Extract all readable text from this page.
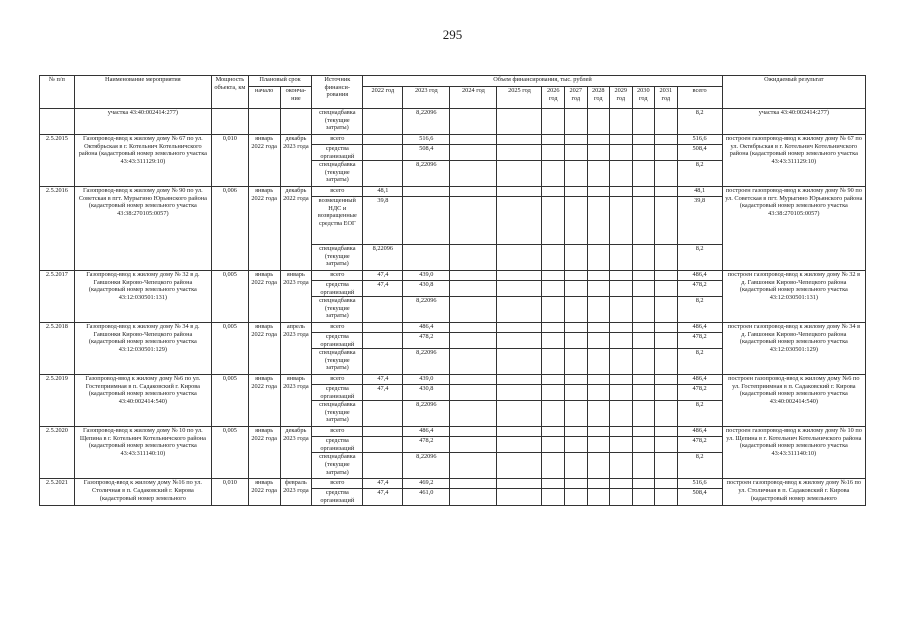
295
№ п/п	Наименование мероприятия	Мощность объекта, км	Плановый срок		Источник финанси-рования	Объем финансирования, тыс. рублей											Ожидаемый результат
			начало	оконча-ние		2022 год	2023 год	2024 год	2025 год	2026 год	2027 год	2028 год	2029 год	2030 год	2031 год	всего	
	участка 43:40:002414:277)				спецнадбавка (текущие затраты)		8,22096									8,2	участка 43:40:002414:277)
2.5.2015	Газопровод-ввод к жилому дому № 67 по ул. Октябрьская в г. Котельнич Котельничского района (кадастровый номер земельного участка 43:43:311129:10)	0,010	январь 2022 года	декабрь 2023 года	всего		516,6									516,6	построен газопровод-ввод к жилому дому № 67 по ул. Октябрьская в г. Котельнич Котельничского района (кадастровый номер земельного участка 43:43:311129:10)
					средства организаций		508,4									508,4	
					спецнадбавка (текущие затраты)		8,22096									8,2	
2.5.2016	Газопровод-ввод к жилому дому № 90 по ул. Советская в пгт. Мурыгино Юрьянского района (кадастровый номер земельного участка 43:38:270105:0057)	0,006	январь 2022 года	декабрь 2022 года	всего	48,1										48,1	построен газопровод-ввод к жилому дому № 90 по ул. Советская в пгт. Мурыгино Юрьянского района (кадастровый номер земельного участка 43:38:270105:0057)
					возмещенный НДС и возвращенные средства ЕОГ	39,8										39,8	
					спецнадбавка (текущие затраты)	8,22096										8,2	
2.5.2017	Газопровод-ввод к жилому дому № 32 в д. Гавшонки Кирово-Чепецкого района (кадастровый номер земельного участка 43:12:030501:131)	0,005	январь 2022 года	январь 2023 года	всего	47,4	439,0									486,4	построен газопровод-ввод к жилому дому № 32 в д. Гавшонки Кирово-Чепецкого района (кадастровый номер земельного участка 43:12:030501:131)
					средства организаций	47,4	430,8									478,2	
					спецнадбавка (текущие затраты)		8,22096									8,2	
2.5.2018	Газопровод-ввод к жилому дому № 34 в д. Гавшонки Кирово-Чепецкого района (кадастровый номер земельного участка 43:12:030501:129)	0,005	январь 2022 года	апрель 2023 года	всего		486,4									486,4	построен газопровод-ввод к жилому дому № 34 в д. Гавшонки Кирово-Чепецкого района (кадастровый номер земельного участка 43:12:030501:129)
					средства организаций		478,2									478,2	
					спецнадбавка (текущие затраты)		8,22096									8,2	
2.5.2019	Газопровод-ввод к жилому дому №6 по ул. Гостеприимная в п. Садаковский г. Кирова (кадастровый номер земельного участка 43:40:002414:540)	0,005	январь 2022 года	январь 2023 года	всего	47,4	439,0									486,4	построен газопровод-ввод к жилому дому №6 по ул. Гостеприимная в п. Садаковский г. Кирова (кадастровый номер земельного участка 43:40:002414:540)
					средства организаций	47,4	430,8									478,2	
					спецнадбавка (текущие затраты)		8,22096									8,2	
2.5.2020	Газопровод-ввод к жилому дому № 10 по ул. Щепина в г. Котельнич Котельничского района (кадастровый номер земельного участка 43:43:311140:10)	0,005	январь 2022 года	декабрь 2023 года	всего		486,4									486,4	построен газопровод-ввод к жилому дому № 10 по ул. Щепина в г. Котельнич Котельничского района (кадастровый номер земельного участка 43:43:311140:10)
					средства организаций		478,2									478,2	
					спецнадбавка (текущие затраты)		8,22096									8,2	
2.5.2021	Газопровод-ввод к жилому дому №16 по ул. Столичная в п. Садаковский г. Кирова (кадастровый номер земельного	0,010	январь 2022 года	февраль 2023 года	всего	47,4	469,2									516,6	построен газопровод-ввод к жилому дому №16 по ул. Столичная в п. Садаковский г. Кирова (кадастровый номер земельного
					средства организаций	47,4	461,0									508,4	
